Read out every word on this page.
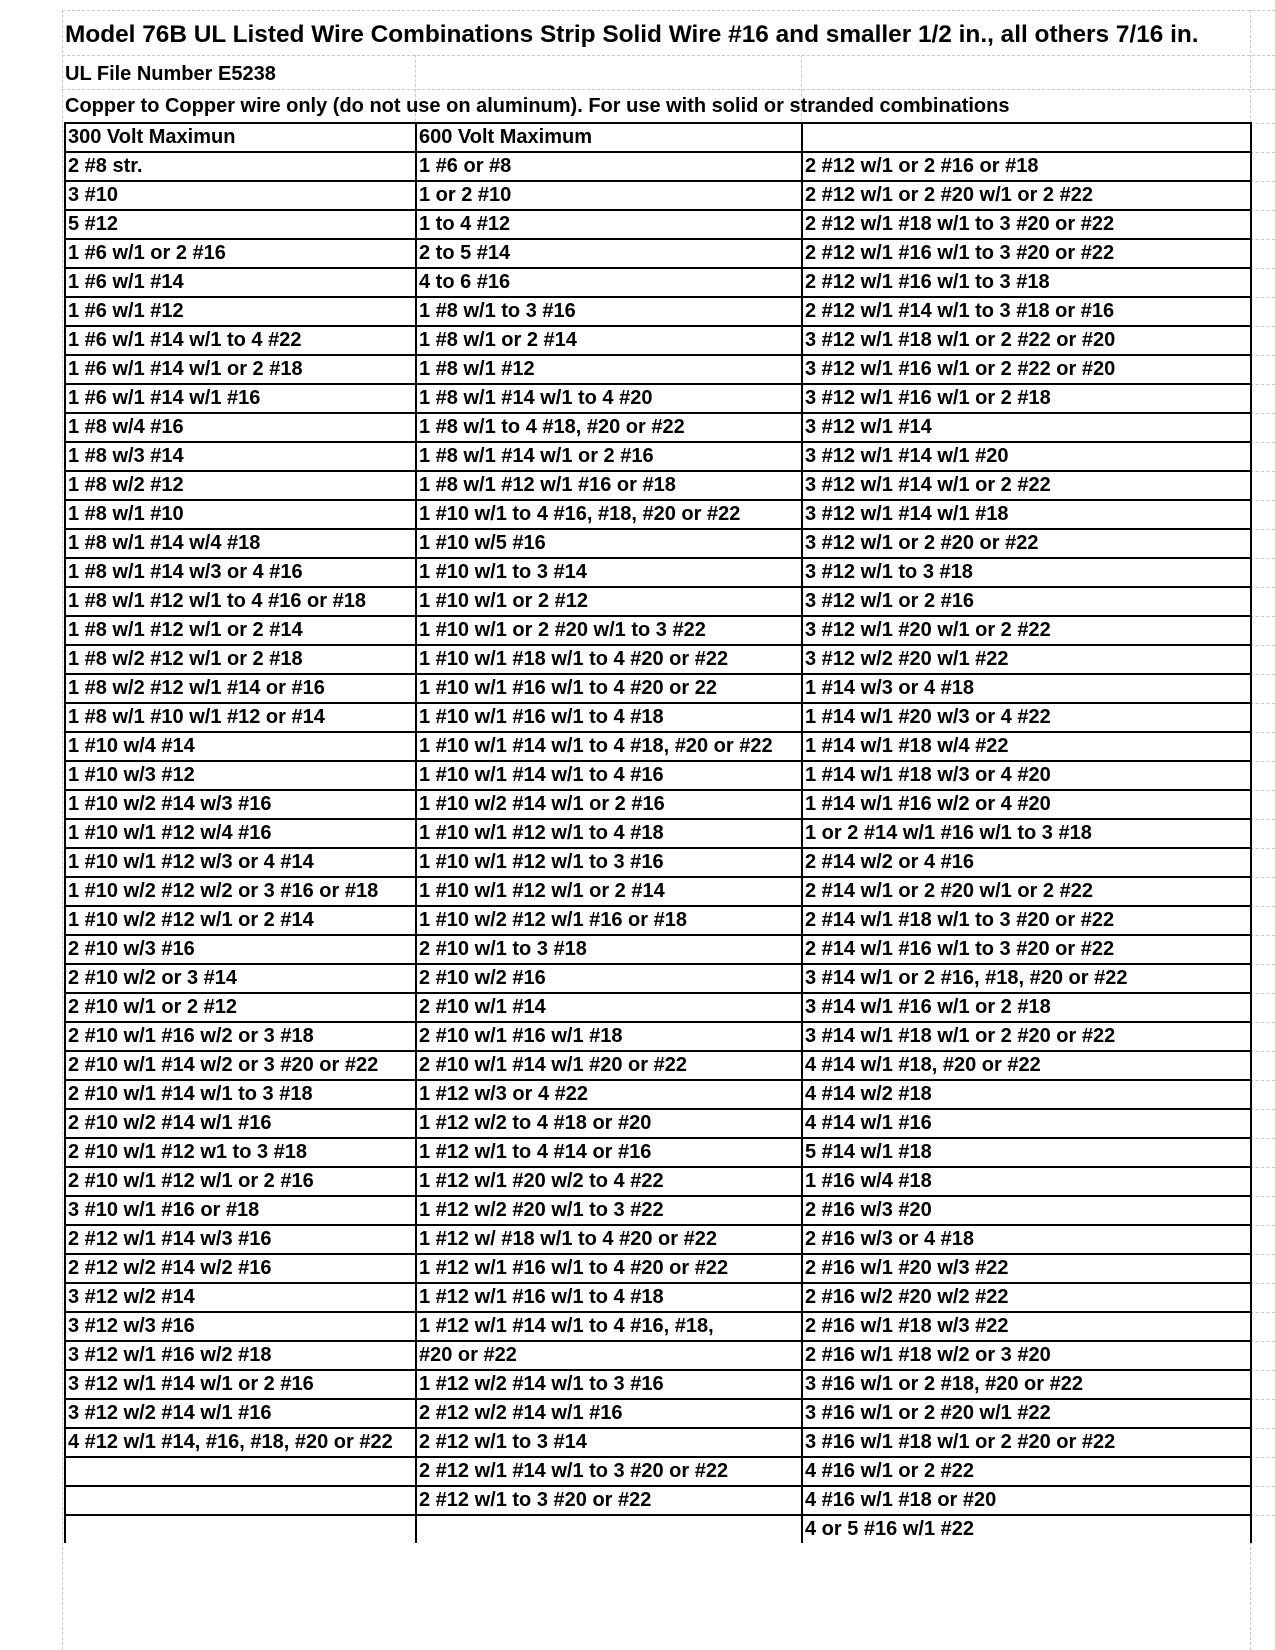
Model 76B UL Listed Wire Combinations Strip Solid Wire #16 and smaller 1/2 in., all others 7/16 in.
UL File Number E5238
Copper to Copper wire only (do not use on aluminum). For use with solid or stranded combinations
300 Volt Maximun	600 Volt Maximum	
2 #8 str.	1 #6 or #8	2 #12 w/1 or 2 #16 or #18
3 #10	1 or 2 #10	2 #12 w/1 or 2 #20 w/1 or 2 #22
5 #12	1 to 4 #12	2 #12 w/1 #18 w/1 to 3 #20 or #22
1 #6 w/1 or 2 #16	2 to 5 #14	2 #12 w/1 #16 w/1 to 3 #20 or #22
1 #6 w/1 #14	4 to 6 #16	2 #12 w/1 #16 w/1 to 3 #18
1 #6 w/1 #12	1 #8 w/1 to 3 #16	2 #12 w/1 #14 w/1 to 3 #18 or #16
1 #6 w/1 #14 w/1 to 4 #22	1 #8 w/1 or 2 #14	3 #12 w/1 #18 w/1 or 2 #22 or #20
1 #6 w/1 #14 w/1 or 2 #18	1 #8 w/1 #12	3 #12 w/1 #16 w/1 or 2 #22 or #20
1 #6 w/1 #14 w/1 #16	1 #8 w/1 #14 w/1 to 4 #20	3 #12 w/1 #16 w/1 or 2 #18
1 #8 w/4 #16	1 #8 w/1 to 4 #18, #20 or #22	3 #12 w/1 #14
1 #8 w/3 #14	1 #8 w/1 #14 w/1 or 2 #16	3 #12 w/1 #14 w/1 #20
1 #8 w/2 #12	1 #8 w/1 #12 w/1 #16 or #18	3 #12 w/1 #14 w/1 or 2 #22
1 #8 w/1 #10	1 #10 w/1 to 4 #16, #18, #20 or #22	3 #12 w/1 #14 w/1 #18
1 #8 w/1 #14 w/4 #18	1 #10 w/5 #16	3 #12 w/1 or 2 #20 or #22
1 #8 w/1 #14 w/3 or 4 #16	1 #10 w/1 to 3 #14	3 #12 w/1 to 3 #18
1 #8 w/1 #12 w/1 to 4 #16 or #18	1 #10 w/1 or 2 #12	3 #12 w/1 or 2 #16
1 #8 w/1 #12 w/1 or 2 #14	1 #10 w/1 or 2 #20 w/1 to 3 #22	3 #12 w/1 #20 w/1 or 2 #22
1 #8 w/2 #12 w/1 or 2 #18	1 #10 w/1 #18 w/1 to 4 #20 or #22	3 #12 w/2 #20 w/1 #22
1 #8 w/2 #12 w/1 #14 or #16	1 #10 w/1 #16 w/1 to 4 #20 or 22	1 #14 w/3 or 4 #18
1 #8 w/1 #10 w/1 #12 or #14	1 #10 w/1 #16 w/1 to 4 #18	1 #14 w/1 #20 w/3 or 4 #22
1 #10 w/4 #14	1 #10 w/1 #14 w/1 to 4 #18, #20 or #22	1 #14 w/1 #18 w/4 #22
1 #10 w/3 #12	1 #10 w/1 #14 w/1 to 4 #16	1 #14 w/1 #18 w/3 or 4 #20
1 #10 w/2 #14 w/3 #16	1 #10 w/2 #14 w/1 or 2 #16	1 #14 w/1 #16 w/2 or 4 #20
1 #10 w/1 #12 w/4 #16	1 #10 w/1 #12 w/1 to 4 #18	1 or 2 #14 w/1 #16 w/1 to 3 #18
1 #10 w/1 #12 w/3 or 4 #14	1 #10 w/1 #12 w/1 to 3 #16	2 #14 w/2 or 4 #16
1 #10 w/2 #12 w/2 or 3 #16 or #18	1 #10 w/1 #12 w/1 or 2 #14	2 #14 w/1 or 2 #20 w/1 or 2 #22
1 #10 w/2 #12 w/1 or 2 #14	1 #10 w/2 #12 w/1 #16 or #18	2 #14 w/1 #18 w/1 to 3 #20 or #22
2 #10 w/3 #16	2 #10 w/1 to 3 #18	2 #14 w/1 #16 w/1 to 3 #20 or #22
2 #10 w/2 or 3 #14	2 #10 w/2 #16	3 #14 w/1 or 2 #16, #18, #20 or #22
2 #10 w/1 or 2 #12	2 #10 w/1 #14	3 #14 w/1 #16 w/1 or 2 #18
2 #10 w/1 #16 w/2 or 3 #18	2 #10 w/1 #16 w/1 #18	3 #14 w/1 #18 w/1 or 2 #20 or #22
2 #10 w/1 #14 w/2 or 3 #20 or #22	2 #10 w/1 #14 w/1 #20 or #22	4 #14 w/1 #18, #20 or #22
2 #10 w/1 #14 w/1 to 3 #18	1 #12 w/3 or 4 #22	4 #14 w/2 #18
2 #10 w/2 #14 w/1 #16	1 #12 w/2 to 4 #18 or #20	4 #14 w/1 #16
2 #10 w/1 #12 w1 to 3 #18	1 #12 w/1 to 4 #14 or #16	5 #14 w/1 #18
2 #10 w/1 #12 w/1 or 2 #16	1 #12 w/1 #20 w/2 to 4 #22	1 #16 w/4 #18
3 #10 w/1 #16 or #18	1 #12 w/2 #20 w/1 to 3 #22	2 #16 w/3 #20
2 #12 w/1 #14 w/3 #16	1 #12 w/ #18 w/1 to 4 #20 or #22	2 #16 w/3 or 4 #18
2 #12 w/2 #14 w/2 #16	1 #12 w/1 #16 w/1 to 4 #20 or #22	2 #16 w/1 #20 w/3 #22
3 #12 w/2 #14	1 #12 w/1 #16 w/1 to 4 #18	2 #16 w/2 #20 w/2 #22
3 #12 w/3 #16	1 #12 w/1 #14 w/1 to 4 #16, #18,	2 #16 w/1 #18 w/3 #22
3 #12 w/1 #16 w/2 #18	#20 or #22	2 #16 w/1 #18 w/2 or 3 #20
3 #12 w/1 #14 w/1 or 2 #16	1 #12 w/2 #14 w/1 to 3 #16	3 #16 w/1 or 2 #18, #20 or #22
3 #12 w/2 #14 w/1 #16	2 #12 w/2 #14 w/1 #16	3 #16 w/1 or 2 #20 w/1 #22
4 #12 w/1 #14, #16, #18, #20 or #22	2 #12 w/1 to 3 #14	3 #16 w/1 #18 w/1 or 2 #20 or #22
	2 #12 w/1 #14 w/1 to 3 #20 or #22	4 #16 w/1 or 2 #22
	2 #12 w/1 to 3 #20 or #22	4 #16 w/1 #18 or #20
		4 or 5 #16 w/1 #22
